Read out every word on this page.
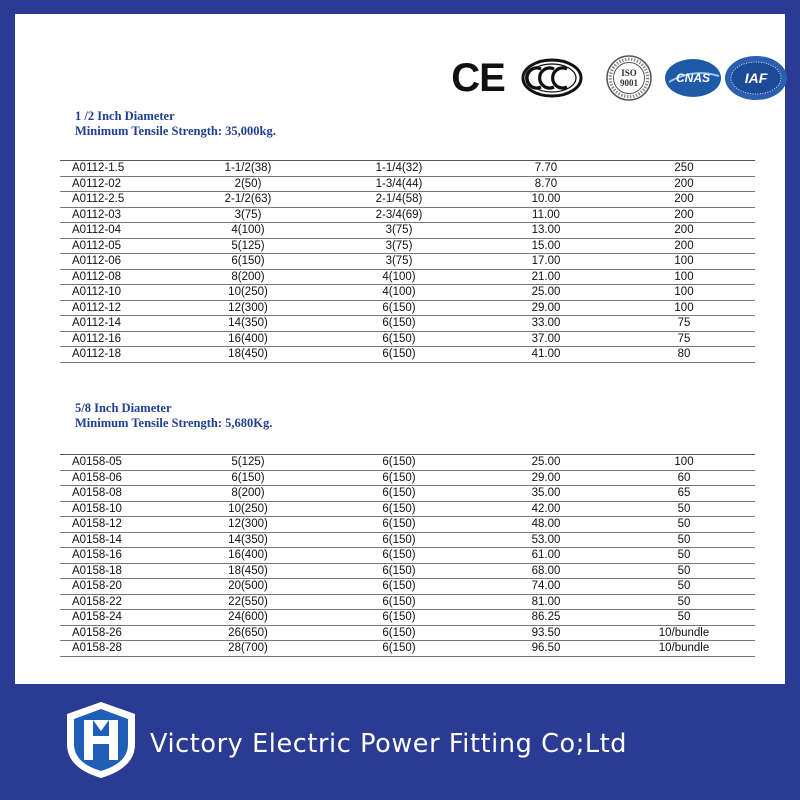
CE	ISO
9001	CNAS IAF
1 /2 Inch Diameter
Minimum Tensile Strength: 35,000kg.
A0112-1.5	1-1/2(38)	1-1/4(32)	7.70	250
A0112-02	2(50)	1-3/4(44)	8.70	200
A0112-2.5	2-1/2(63)	2-1/4(58)	10.00	200
A0112-03	3(75)	2-3/4(69)	11.00	200
A0112-04	4(100)	3(75)	13.00	200
A0112-05	5(125)	3(75)	15.00	200
A0112-06	6(150)	3(75)	17.00	100
A0112-08	8(200)	4(100)	21.00	100
A0112-10	10(250)	4(100)	25.00	100
A0112-12	12(300)	6(150)	29.00	100
A0112-14	14(350)	6(150)	33.00	75
A0112-16	16(400)	6(150)	37.00	75
A0112-18	18(450)	6(150)	41.00	80
5/8 Inch Diameter
Minimum Tensile Strength: 5,680Kg.
A0158-05	5(125)	6(150)	25.00	100
A0158-06	6(150)	6(150)	29.00	60
A0158-08	8(200)	6(150)	35.00	65
A0158-10	10(250)	6(150)	42.00	50
A0158-12	12(300)	6(150)	48.00	50
A0158-14	14(350)	6(150)	53.00	50
A0158-16	16(400)	6(150)	61.00	50
A0158-18	18(450)	6(150)	68.00	50
A0158-20	20(500)	6(150)	74.00	50
A0158-22	22(550)	6(150)	81.00	50
A0158-24	24(600)	6(150)	86.25	50
A0158-26	26(650)	6(150)	93.50	10/bundle
A0158-28	28(700)	6(150)	96.50	10/bundle
Victory Electric Power Fitting Co;Ltd
